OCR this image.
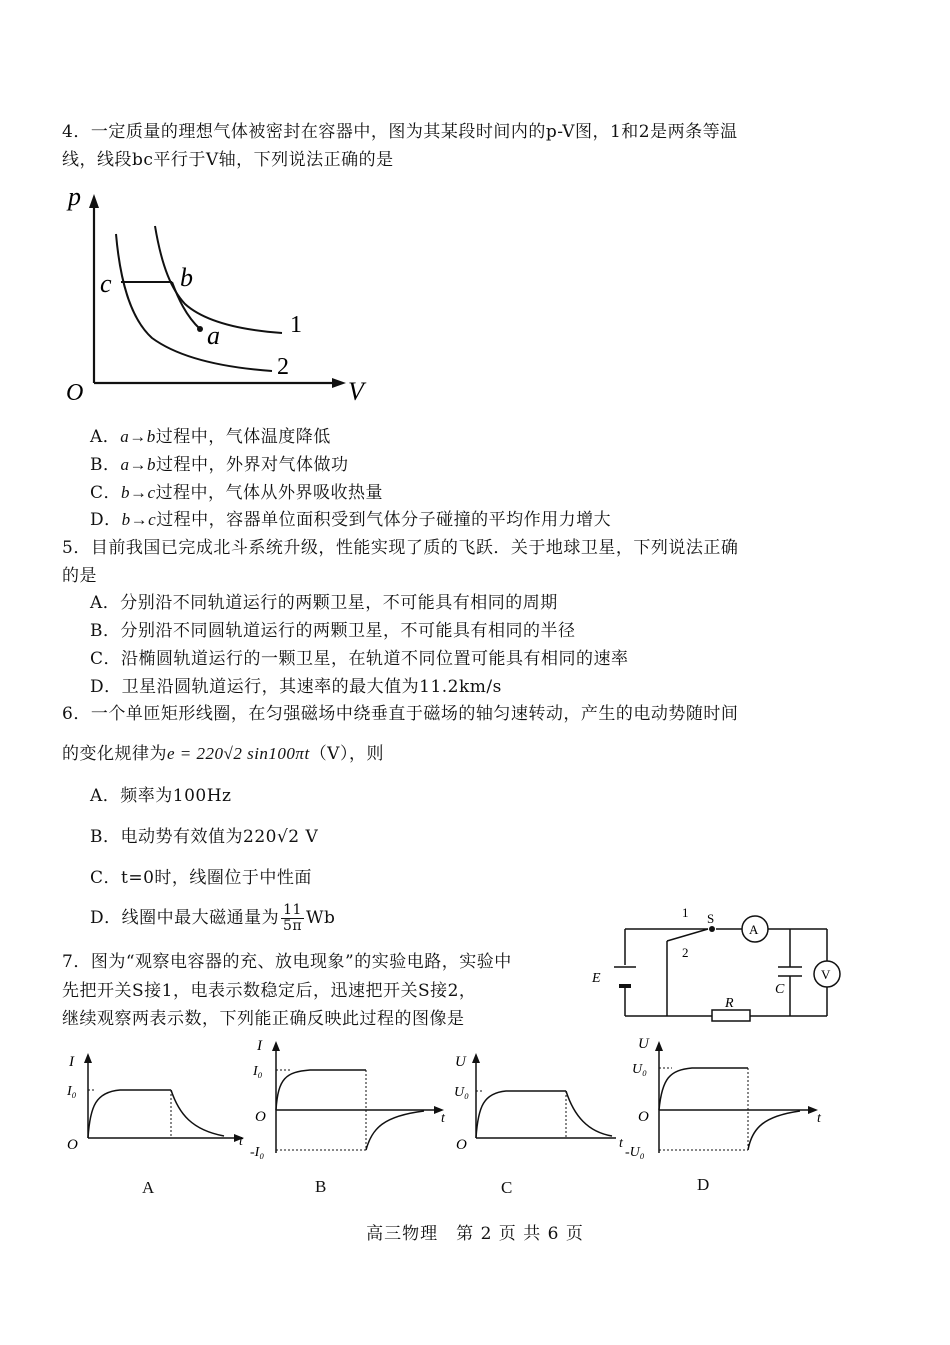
4．一定质量的理想气体被密封在容器中，图为其某段时间内的p-V图，1和2是两条等温
线，线段bc平行于V轴，下列说法正确的是
p
V
O
c	b
a	1
2
A．a→b过程中，气体温度降低
B．a→b过程中，外界对气体做功
C．b→c过程中，气体从外界吸收热量
D．b→c过程中，容器单位面积受到气体分子碰撞的平均作用力增大
5．目前我国已完成北斗系统升级，性能实现了质的飞跃．关于地球卫星，下列说法正确
的是
A．分别沿不同轨道运行的两颗卫星，不可能具有相同的周期
B．分别沿不同圆轨道运行的两颗卫星，不可能具有相同的半径
C．沿椭圆轨道运行的一颗卫星，在轨道不同位置可能具有相同的速率
D．卫星沿圆轨道运行，其速率的最大值为11.2km/s
6．一个单匝矩形线圈，在匀强磁场中绕垂直于磁场的轴匀速转动，产生的电动势随时间
的变化规律为e = 220√2 sin100πt（V），则
A．频率为100Hz
B．电动势有效值为220√2 V
C．t=0时，线圈位于中性面
D．线圈中最大磁通量为 $\frac{11}{5\pi}$ Wb
7．图为“观察电容器的充、放电现象”的实验电路，实验中
先把开关S接1，电表示数稳定后，迅速把开关S接2，
继续观察两表示数，下列能正确反映此过程的图像是
A
V
1
2
S
E
C
R
I
I₀
O	t
I
I₀
O
-I₀
t
U
U₀
O	t
U
U₀
O
-U₀
t
A	B	C	D
高三物理　第 2 页 共 6 页
